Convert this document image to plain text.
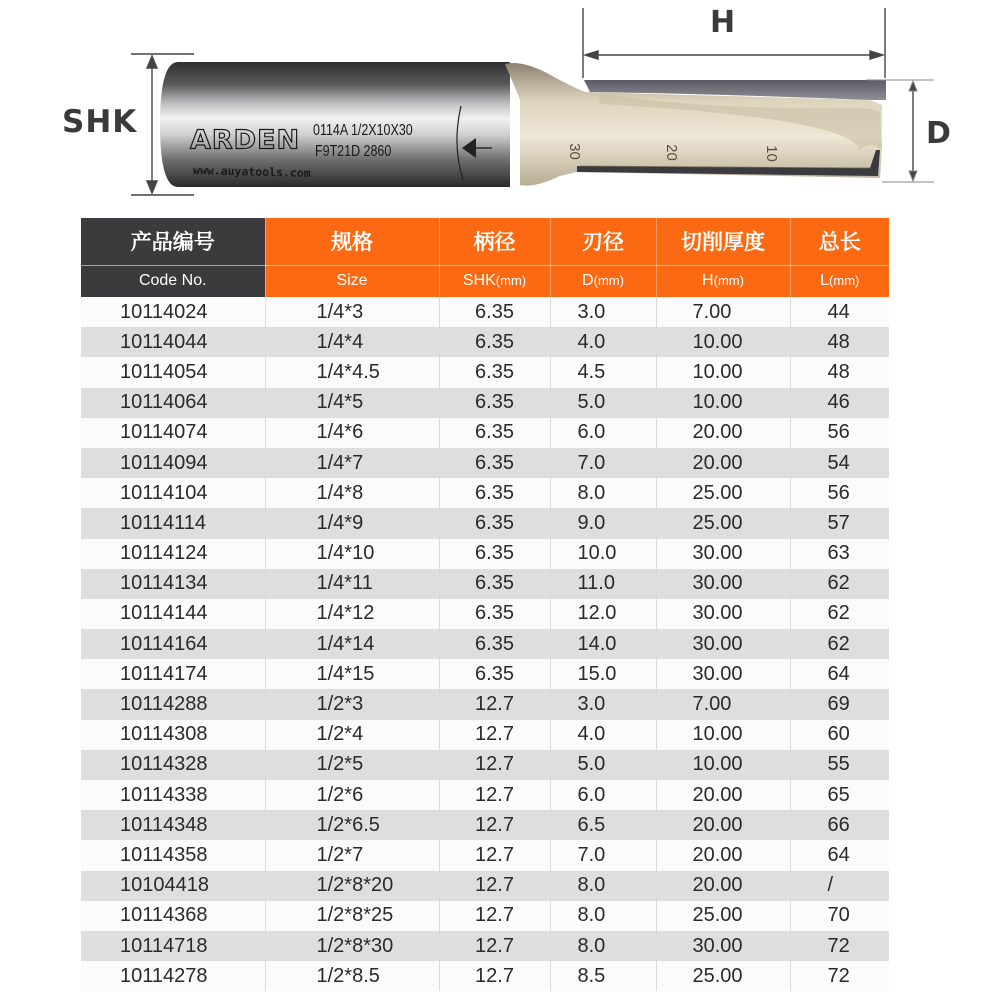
SHK
H
D
ARDEN 0114A 1/2X10X30
F9T21D 2860
www.auyatools.com
30	20	10
产品编号	规格	柄径	刃径	切削厚度	总长
Code No.	Size	SHK(mm)	D(mm)	H(mm)	L(mm)
10114024	1/4*3	6.35	3.0	7.00	44
10114044	1/4*4	6.35	4.0	10.00	48
10114054	1/4*4.5	6.35	4.5	10.00	48
10114064	1/4*5	6.35	5.0	10.00	46
10114074	1/4*6	6.35	6.0	20.00	56
10114094	1/4*7	6.35	7.0	20.00	54
10114104	1/4*8	6.35	8.0	25.00	56
10114114	1/4*9	6.35	9.0	25.00	57
10114124	1/4*10	6.35	10.0	30.00	63
10114134	1/4*11	6.35	11.0	30.00	62
10114144	1/4*12	6.35	12.0	30.00	62
10114164	1/4*14	6.35	14.0	30.00	62
10114174	1/4*15	6.35	15.0	30.00	64
10114288	1/2*3	12.7	3.0	7.00	69
10114308	1/2*4	12.7	4.0	10.00	60
10114328	1/2*5	12.7	5.0	10.00	55
10114338	1/2*6	12.7	6.0	20.00	65
10114348	1/2*6.5	12.7	6.5	20.00	66
10114358	1/2*7	12.7	7.0	20.00	64
10104418	1/2*8*20	12.7	8.0	20.00	/
10114368	1/2*8*25	12.7	8.0	25.00	70
10114718	1/2*8*30	12.7	8.0	30.00	72
10114278	1/2*8.5	12.7	8.5	25.00	72
